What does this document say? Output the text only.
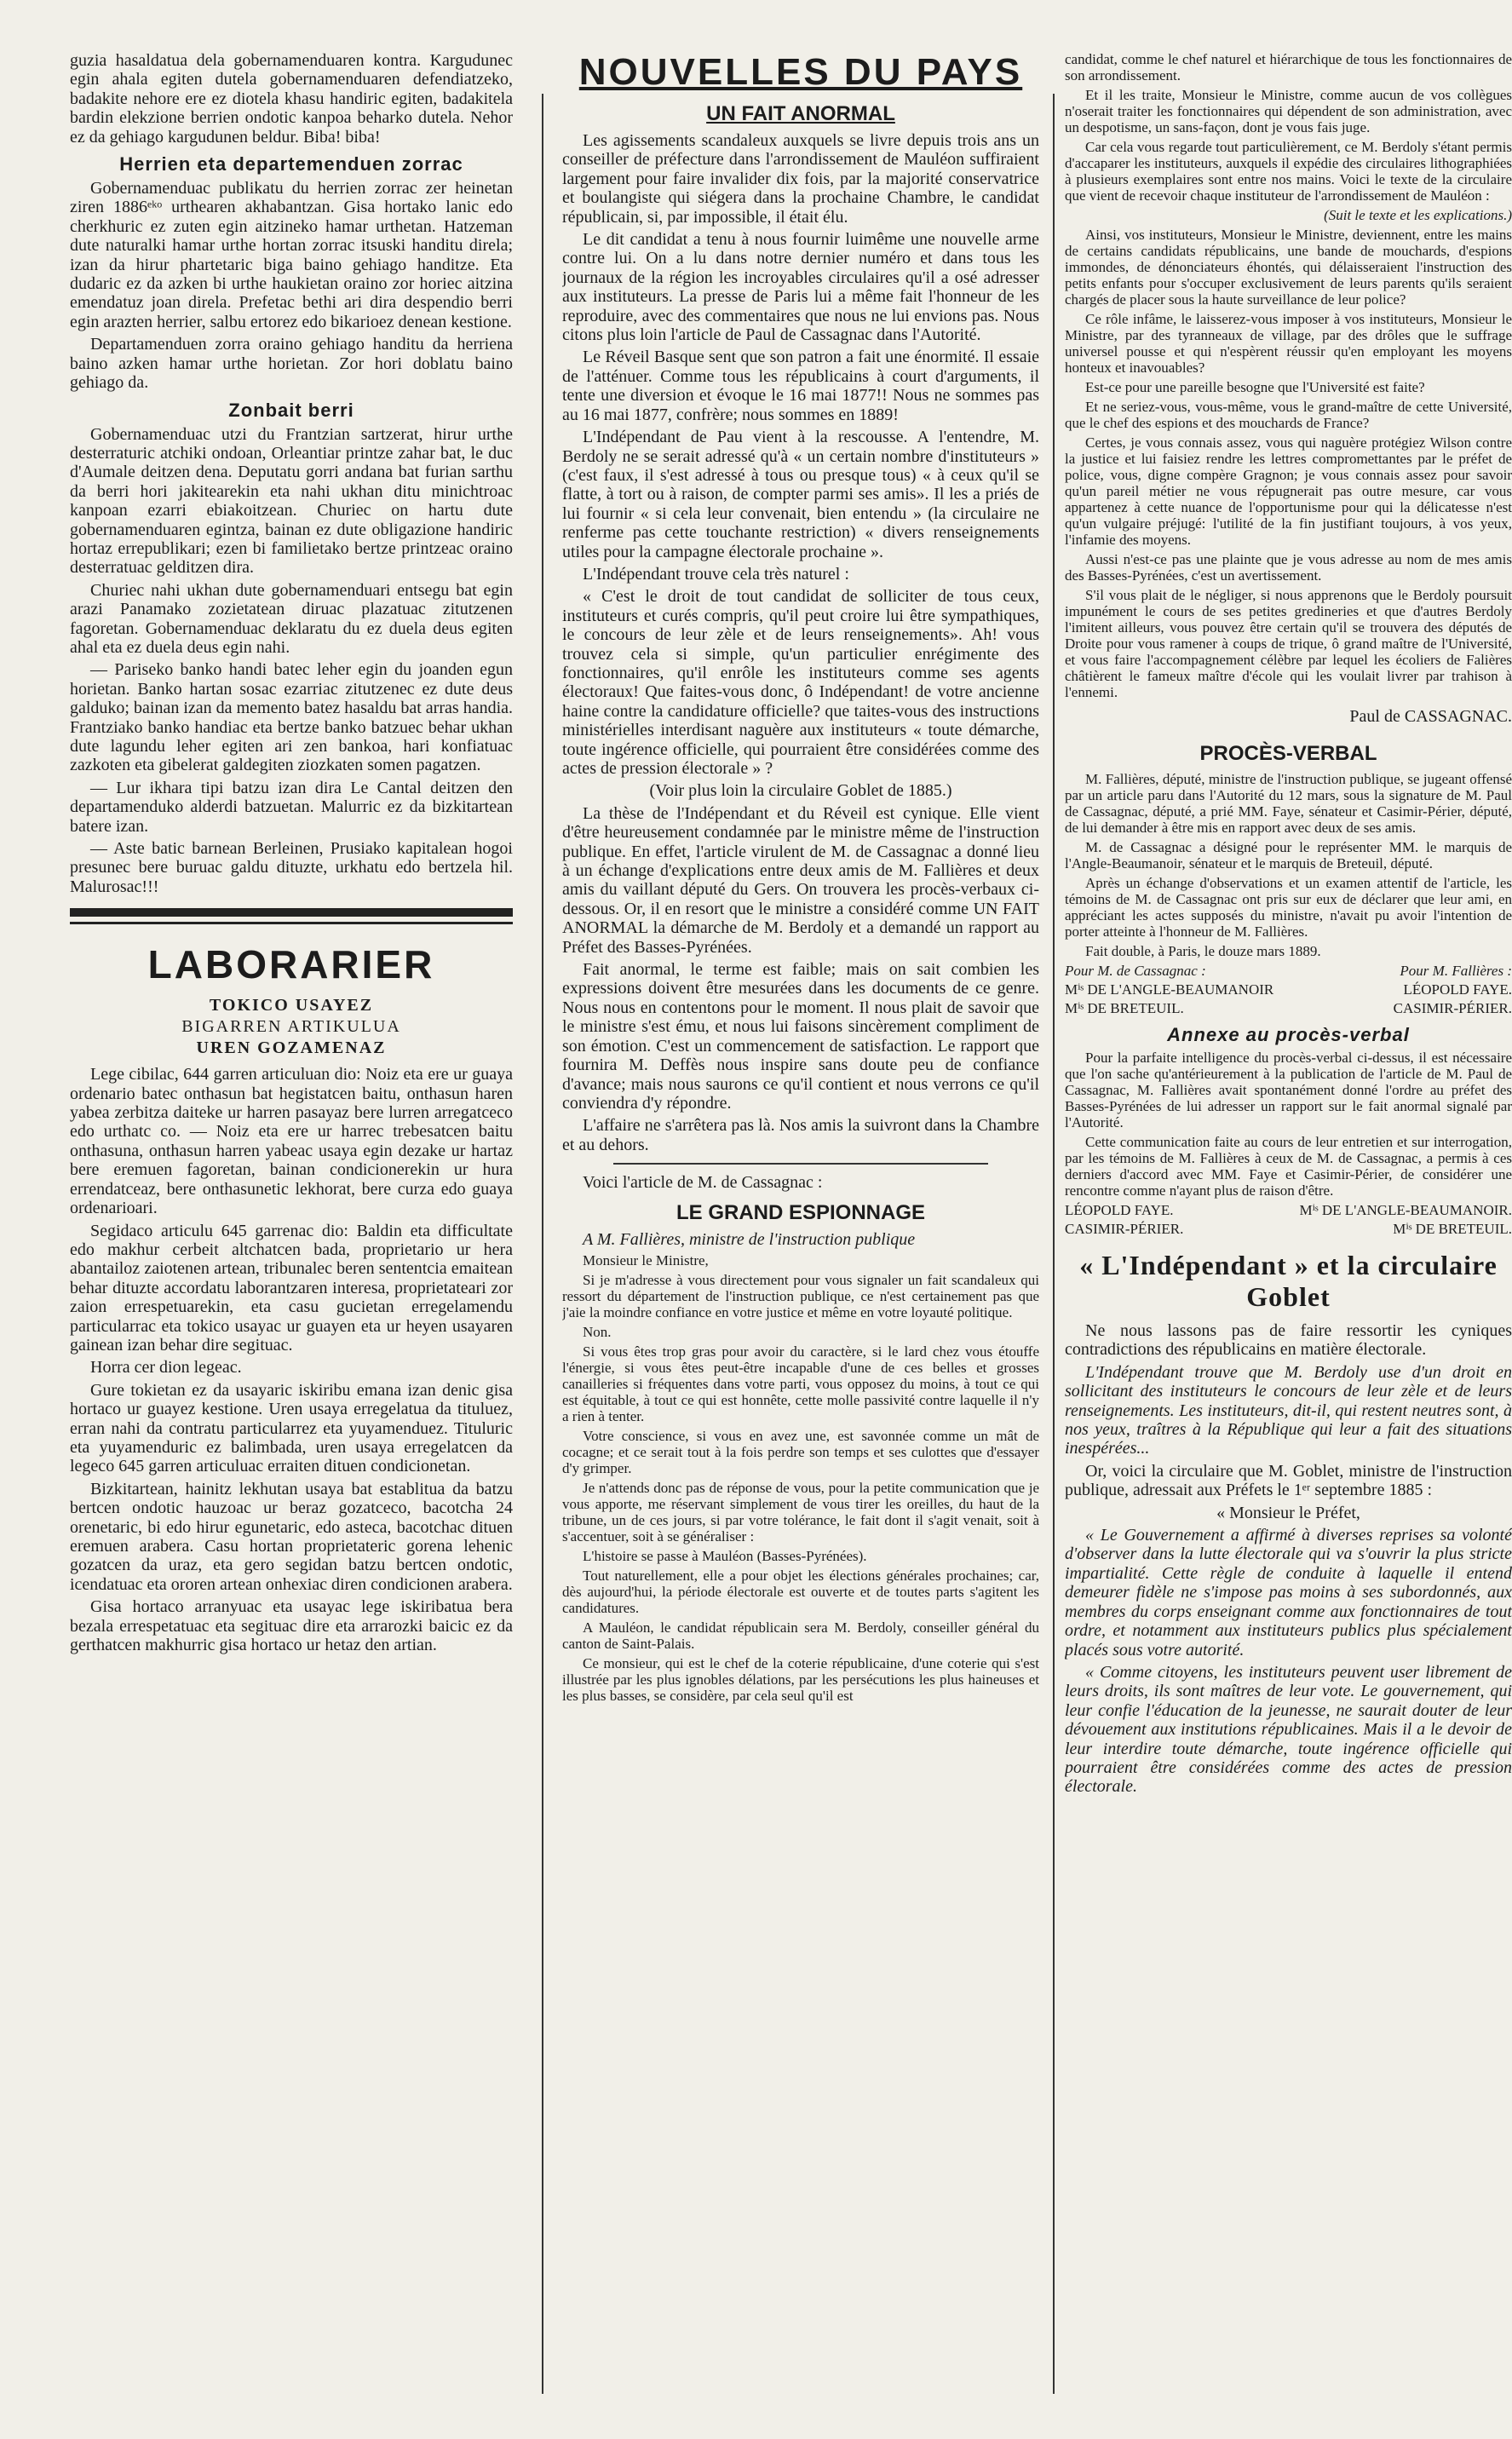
guzia hasaldatua dela gobernamenduaren kontra. Kargudunec egin ahala egiten dutela gobernamenduaren defendiatzeko, badakite nehore ere ez diotela khasu handiric egiten, badakitela bardin elekzione berrien ondotic kanpoa beharko dutela. Nehor ez da gehiago kargudunen beldur. Biba! biba!

Herrien eta departemenduen zorrac

Gobernamenduac publikatu du herrien zorrac zer heinetan ziren 1886ᵉᵏᵒ urthearen akhabantzan. Gisa hortako lanic edo cherkhuric ez zuten egin aitzineko hamar urthetan. Hatzeman dute naturalki hamar urthe hortan zorrac itsuski handitu direla; izan da hirur phartetaric biga baino gehiago handitze. Eta dudaric ez da azken bi urthe haukietan oraino zor horiec aitzina emendatuz joan direla. Prefetac bethi ari dira despendio berri egin arazten herrier, salbu ertorez edo bikarioez denean kestione.

Departamenduen zorra oraino gehiago handitu da herriena baino azken hamar urthe horietan. Zor hori doblatu baino gehiago da.

Zonbait berri

Gobernamenduac utzi du Frantzian sartzerat, hirur urthe desterraturic atchiki ondoan, Orleantiar printze zahar bat, le duc d'Aumale deitzen dena. Deputatu gorri andana bat furian sarthu da berri hori jakitearekin eta nahi ukhan ditu minichtroac kanpoan ezarri ebiakoitzean. Churiec on hartu dute gobernamenduaren egintza, bainan ez dute obligazione handiric hortaz errepublikari; ezen bi familietako bertze printzeac oraino desterratuac gelditzen dira.

Churiec nahi ukhan dute gobernamenduari entsegu bat egin arazi Panamako zozietatean diruac plazatuac zitutzenen fagoretan. Gobernamenduac deklaratu du ez duela deus egiten ahal eta ez duela deus egin nahi.

— Pariseko banko handi batec leher egin du joanden egun horietan. Banko hartan sosac ezarriac zitutzenec ez dute deus galduko; bainan izan da memento batez hasaldu bat arras handia. Frantziako banko handiac eta bertze banko batzuec behar ukhan dute lagundu leher egiten ari zen bankoa, hari konfiatuac zazkoten eta gibelerat galdegiten ziozkaten somen pagatzen.

— Lur ikhara tipi batzu izan dira Le Cantal deitzen den departamenduko alderdi batzuetan. Malurric ez da bizkitartean batere izan.

— Aste batic barnean Berleinen, Prusiako kapitalean hogoi presunec bere buruac galdu dituzte, urkhatu edo bertzela hil. Malurosac!!!

LABORARIER
TOKICO USAYEZ
BIGARREN ARTIKULUA
UREN GOZAMENAZ

Lege cibilac, 644 garren articuluan dio: Noiz eta ere ur guaya ordenario batec onthasun bat hegistatcen baitu, onthasun haren yabea zerbitza daiteke ur harren pasayaz bere lurren arregatceco edo urthatc co. — Noiz eta ere ur harrec trebesatcen baitu onthasuna, onthasun harren yabeac usaya egin dezake ur hartaz bere eremuen fagoretan, bainan condicionerekin ur hura errendatceaz, bere onthasunetic lekhorat, bere curza edo guaya ordenarioari.

Segidaco articulu 645 garrenac dio: Baldin eta difficultate edo makhur cerbeit altchatcen bada, proprietario ur hera abantailoz zaiotenen artean, tribunalec beren sententcia emaitean behar dituzte accordatu laborantzaren interesa, proprietateari zor zaion errespetuarekin, eta casu gucietan erregelamendu particularrac eta tokico usayac ur guayen eta ur heyen usayaren gainean izan behar dire segituac.

Horra cer dion legeac.

Gure tokietan ez da usayaric iskiribu emana izan denic gisa hortaco ur guayez kestione. Uren usaya erregelatua da tituluez, erran nahi da contratu particularrez eta yuyamenduez. Tituluric eta yuyamenduric ez balimbada, uren usaya erregelatcen da legeco 645 garren articuluac erraiten dituen condicionetan.

Bizkitartean, hainitz lekhutan usaya bat establitua da batzu bertcen ondotic hauzoac ur beraz gozatceco, bacotcha 24 orenetaric, bi edo hirur egunetaric, edo asteca, bacotchac dituen eremuen arabera. Casu hortan proprietateric gorena lehenic gozatcen da uraz, eta gero segidan batzu bertcen ondotic, icendatuac eta ororen artean onhexiac diren condicionen arabera.

Gisa hortaco arranyuac eta usayac lege iskiribatua bera bezala errespetatuac eta segituac dire eta arrarozki baicic ez da gerthatcen makhurric gisa hortaco ur hetaz den artian.

NOUVELLES DU PAYS
UN FAIT ANORMAL

Les agissements scandaleux auxquels se livre depuis trois ans un conseiller de préfecture dans l'arrondissement de Mauléon suffiraient largement pour faire invalider dix fois, par la majorité conservatrice et boulangiste qui siégera dans la prochaine Chambre, le candidat républicain, si, par impossible, il était élu.

Le dit candidat a tenu à nous fournir luimême une nouvelle arme contre lui. On a lu dans notre dernier numéro et dans tous les journaux de la région les incroyables circulaires qu'il a osé adresser aux instituteurs. La presse de Paris lui a même fait l'honneur de les reproduire, avec des commentaires que nous ne lui envions pas. Nous citons plus loin l'article de Paul de Cassagnac dans l'Autorité.

Le Réveil Basque sent que son patron a fait une énormité. Il essaie de l'atténuer. Comme tous les républicains à court d'arguments, il tente une diversion et évoque le 16 mai 1877!! Nous ne sommes pas au 16 mai 1877, confrère; nous sommes en 1889!

L'Indépendant de Pau vient à la rescousse. A l'entendre, M. Berdoly ne se serait adressé qu'à « un certain nombre d'instituteurs » (c'est faux, il s'est adressé à tous ou presque tous) « à ceux qu'il se flatte, à tort ou à raison, de compter parmi ses amis». Il les a priés de lui fournir « si cela leur convenait, bien entendu » (la circulaire ne renferme pas cette touchante restriction) « divers renseignements utiles pour la campagne électorale prochaine ».

L'Indépendant trouve cela très naturel :

« C'est le droit de tout candidat de solliciter de tous ceux, instituteurs et curés compris, qu'il peut croire lui être sympathiques, le concours de leur zèle et de leurs renseignements». Ah! vous trouvez cela si simple, qu'un particulier enrégimente des fonctionnaires, qu'il enrôle les instituteurs comme ses agents électoraux! Que faites-vous donc, ô Indépendant! de votre ancienne haine contre la candidature officielle? que taites-vous des instructions ministérielles interdisant naguère aux instituteurs « toute démarche, toute ingérence officielle, qui pourraient être considérées comme des actes de pression électorale » ?

(Voir plus loin la circulaire Goblet de 1885.)

La thèse de l'Indépendant et du Réveil est cynique. Elle vient d'être heureusement condamnée par le ministre même de l'instruction publique. En effet, l'article virulent de M. de Cassagnac a donné lieu à un échange d'explications entre deux amis de M. Fallières et deux amis du vaillant député du Gers. On trouvera les procès-verbaux ci-dessous. Or, il en resort que le ministre a considéré comme UN FAIT ANORMAL la démarche de M. Berdoly et a demandé un rapport au Préfet des Basses-Pyrénées.

Fait anormal, le terme est faible; mais on sait combien les expressions doivent être mesurées dans les documents de ce genre. Nous nous en contentons pour le moment. Il nous plait de savoir que le ministre s'est ému, et nous lui faisons sincèrement compliment de son émotion. C'est un commencement de satisfaction. Le rapport que fournira M. Deffès nous inspire sans doute peu de confiance d'avance; mais nous saurons ce qu'il contient et nous verrons ce qu'il conviendra d'y répondre.

L'affaire ne s'arrêtera pas là. Nos amis la suivront dans la Chambre et au dehors.

Voici l'article de M. de Cassagnac :

LE GRAND ESPIONNAGE

A M. Fallières, ministre de l'instruction publique

Monsieur le Ministre,

Si je m'adresse à vous directement pour vous signaler un fait scandaleux qui ressort du département de l'instruction publique, ce n'est certainement pas que j'aie la moindre confiance en votre justice et même en votre loyauté politique.

Non.

Si vous êtes trop gras pour avoir du caractère, si le lard chez vous étouffe l'énergie, si vous êtes peut-être incapable d'une de ces belles et grosses canailleries si fréquentes dans votre parti, vous opposez du moins, à tout ce qui est équitable, à tout ce qui est honnête, cette molle passivité contre laquelle il n'y a rien à tenter.

Votre conscience, si vous en avez une, est savonnée comme un mât de cocagne; et ce serait tout à la fois perdre son temps et ses culottes que d'essayer d'y grimper.

Je n'attends donc pas de réponse de vous, pour la petite communication que je vous apporte, me réservant simplement de vous tirer les oreilles, du haut de la tribune, un de ces jours, si par votre tolérance, le fait dont il s'agit venait, soit à s'accentuer, soit à se généraliser :

L'histoire se passe à Mauléon (Basses-Pyrénées).

Tout naturellement, elle a pour objet les élections générales prochaines; car, dès aujourd'hui, la période électorale est ouverte et de toutes parts s'agitent les candidatures.

A Mauléon, le candidat républicain sera M. Berdoly, conseiller général du canton de Saint-Palais.

Ce monsieur, qui est le chef de la coterie républicaine, d'une coterie qui s'est illustrée par les plus ignobles délations, par les persécutions les plus haineuses et les plus basses, se considère, par cela seul qu'il est

candidat, comme le chef naturel et hiérarchique de tous les fonctionnaires de son arrondissement.

Et il les traite, Monsieur le Ministre, comme aucun de vos collègues n'oserait traiter les fonctionnaires qui dépendent de son administration, avec un despotisme, un sans-façon, dont je vous fais juge.

Car cela vous regarde tout particulièrement, ce M. Berdoly s'étant permis d'accaparer les instituteurs, auxquels il expédie des circulaires lithographiées à plusieurs exemplaires sont entre nos mains. Voici le texte de la circulaire que vient de recevoir chaque instituteur de l'arrondissement de Mauléon :

(Suit le texte et les explications.)

Ainsi, vos instituteurs, Monsieur le Ministre, deviennent, entre les mains de certains candidats républicains, une bande de mouchards, d'espions immondes, de dénonciateurs éhontés, qui délaisseraient l'instruction des petits enfants pour s'occuper exclusivement de leurs parents qu'ils seraient chargés de placer sous la haute surveillance de leur police?

Ce rôle infâme, le laisserez-vous imposer à vos instituteurs, Monsieur le Ministre, par des tyranneaux de village, par des drôles que le suffrage universel pousse et qui n'espèrent réussir qu'en employant les moyens honteux et inavouables?

Est-ce pour une pareille besogne que l'Université est faite?

Et ne seriez-vous, vous-même, vous le grand-maître de cette Université, que le chef des espions et des mouchards de France?

Certes, je vous connais assez, vous qui naguère protégiez Wilson contre la justice et lui faisiez rendre les lettres compromettantes par le préfet de police, vous, digne compère Gragnon; je vous connais assez pour savoir qu'un pareil métier ne vous répugnerait pas outre mesure, car vous appartenez à cette nuance de l'opportunisme pour qui la délicatesse n'est qu'un vulgaire préjugé: l'utilité de la fin justifiant toujours, à vos yeux, l'infamie des moyens.

Aussi n'est-ce pas une plainte que je vous adresse au nom de mes amis des Basses-Pyrénées, c'est un avertissement.

S'il vous plait de le négliger, si nous apprenons que le Berdoly poursuit impunément le cours de ses petites gredineries et que d'autres Berdoly l'imitent ailleurs, vous pouvez être certain qu'il se trouvera des députés de Droite pour vous ramener à coups de trique, ô grand maître de l'Université, et vous faire l'accompagnement célèbre par lequel les écoliers de Falières châtièrent le fameux maître d'école qui les voulait livrer par trahison à l'ennemi.

Paul de CASSAGNAC.
PROCÈS-VERBAL

M. Fallières, député, ministre de l'instruction publique, se jugeant offensé par un article paru dans l'Autorité du 12 mars, sous la signature de M. Paul de Cassagnac, député, a prié MM. Faye, sénateur et Casimir-Périer, député, de lui demander à être mis en rapport avec deux de ses amis.

M. de Cassagnac a désigné pour le représenter MM. le marquis de l'Angle-Beaumanoir, sénateur et le marquis de Breteuil, député.

Après un échange d'observations et un examen attentif de l'article, les témoins de M. de Cassagnac ont pris sur eux de déclarer que leur ami, en appréciant les actes supposés du ministre, n'avait pu avoir l'intention de porter atteinte à l'honneur de M. Fallières.

Fait double, à Paris, le douze mars 1889.

Pour M. de Cassagnac :	Pour M. Fallières :
Mⁱˢ DE L'ANGLE-BEAUMANOIR	LÉOPOLD FAYE.
Mⁱˢ DE BRETEUIL.	CASIMIR-PÉRIER.
Annexe au procès-verbal

Pour la parfaite intelligence du procès-verbal ci-dessus, il est nécessaire que l'on sache qu'antérieurement à la publication de l'article de M. Paul de Cassagnac, M. Fallières avait spontanément donné l'ordre au préfet des Basses-Pyrénées de lui adresser un rapport sur le fait anormal signalé par l'Autorité.

Cette communication faite au cours de leur entretien et sur interrogation, par les témoins de M. Fallières à ceux de M. de Cassagnac, a permis à ces derniers d'accord avec MM. Faye et Casimir-Périer, de considérer une rencontre comme n'ayant plus de raison d'être.

LÉOPOLD FAYE.	Mⁱˢ DE L'ANGLE-BEAUMANOIR.
CASIMIR-PÉRIER.	Mⁱˢ DE BRETEUIL.
« L'Indépendant » et la circulaire Goblet

Ne nous lassons pas de faire ressortir les cyniques contradictions des républicains en matière électorale.

L'Indépendant trouve que M. Berdoly use d'un droit en sollicitant des instituteurs le concours de leur zèle et de leurs renseignements. Les instituteurs, dit-il, qui restent neutres sont, à nos yeux, traîtres à la République qui leur a fait des situations inespérées...

Or, voici la circulaire que M. Goblet, ministre de l'instruction publique, adressait aux Préfets le 1ᵉʳ septembre 1885 :

« Monsieur le Préfet,

« Le Gouvernement a affirmé à diverses reprises sa volonté d'observer dans la lutte électorale qui va s'ouvrir la plus stricte impartialité. Cette règle de conduite à laquelle il entend demeurer fidèle ne s'impose pas moins à ses subordonnés, aux membres du corps enseignant comme aux fonctionnaires de tout ordre, et notamment aux instituteurs publics plus spécialement placés sous votre autorité.

« Comme citoyens, les instituteurs peuvent user librement de leurs droits, ils sont maîtres de leur vote. Le gouvernement, qui leur confie l'éducation de la jeunesse, ne saurait douter de leur dévouement aux institutions républicaines. Mais il a le devoir de leur interdire toute démarche, toute ingérence officielle qui pourraient être considérées comme des actes de pression électorale.
